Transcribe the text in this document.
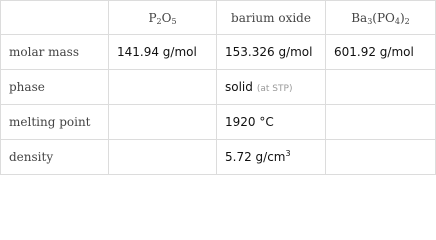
	$P_2O_5$	barium oxide	$Ba_3(PO_4)_2$
molar mass	141.94 g/mol	153.326 g/mol	601.92 g/mol
phase		solid (at STP)	
melting point		1920 °C	
density		5.72 $g/cm^3$	
